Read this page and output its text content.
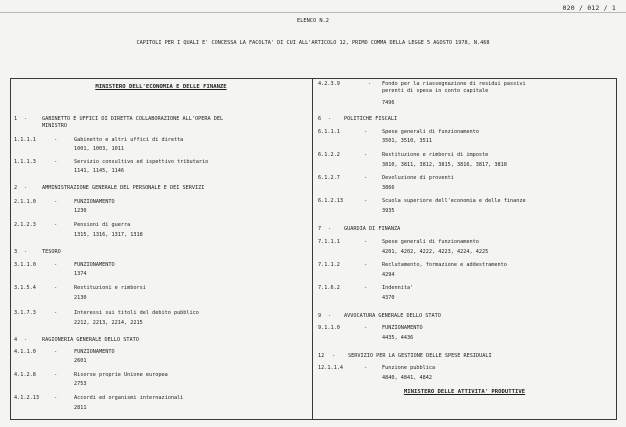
020 / 012 / 1
ELENCO N.2
CAPITOLI PER I QUALI E' CONCESSA LA FACOLTA' DI CUI ALL'ARTICOLO 12, PRIMO COMMA DELLA LEGGE 5 AGOSTO 1978, N.468
MINISTERO DELL'ECONOMIA E DELLE FINANZE
1 -	GABINETTO E UFFICI DI DIRETTA COLLABORAZIONE ALL'OPERA DEL
MINISTRO
1.1.1.1	-	Gabinetto e altri uffici di diretta
1001, 1003, 1011
1.1.1.3	-	Servizio consultivo ed ispettivo tributario
1141, 1145, 1146
2 -	AMMINISTRAZIONE GENERALE DEL PERSONALE E DEI SERVIZI
2.1.1.0	-	FUNZIONAMENTO
1230
2.1.2.3	-	Pensioni di guerra
1315, 1316, 1317, 1318
3 -	TESORO
3.1.1.0	-	FUNZIONAMENTO
1374
3.1.5.4	-	Restituzioni e rimborsi
2130
3.1.7.3	-	Interessi sui titoli del debito pubblico
2212, 2213, 2214, 2215
4 -	RAGIONERIA GENERALE DELLO STATO
4.1.1.0	-	FUNZIONAMENTO
2601
4.1.2.8	-	Risorse proprie Unione europea
2753
4.1.2.13	-	Accordi ed organismi internazionali
2811
4.2.3.9	- Fondo per la riassegnazione di residui passivi
perenti di spesa in conto capitale
7496
6 - POLITICHE FISCALI
6.1.1.1	-	Spese generali di funzionamento
3501, 3510, 3511
6.1.2.2	-	Restituzione e rimborsi di imposte
3810, 3811, 3812, 3815, 3816, 3817, 3818
6.1.2.7	-	Devoluzione di proventi
3866
6.1.2.13	-	Scuola superiore dell'economia e delle finanze
3935
7 - GUARDIA DI FINANZA
7.1.1.1	-	Spese generali di funzionamento
4201, 4202, 4222, 4223, 4224, 4225
7.1.1.2	-	Reclutamento, formazione e addestramento
4294
7.1.6.2	-	Indennita'
4370
9 - AVVOCATURA GENERALE DELLO STATO
9.1.1.0	-	FUNZIONAMENTO
4435, 4436
12 - SERVIZIO PER LA GESTIONE DELLE SPESE RESIDUALI
12.1.1.4	-	Funzione pubblica
4840, 4841, 4842
MINISTERO DELLE ATTIVITA' PRODUTTIVE
